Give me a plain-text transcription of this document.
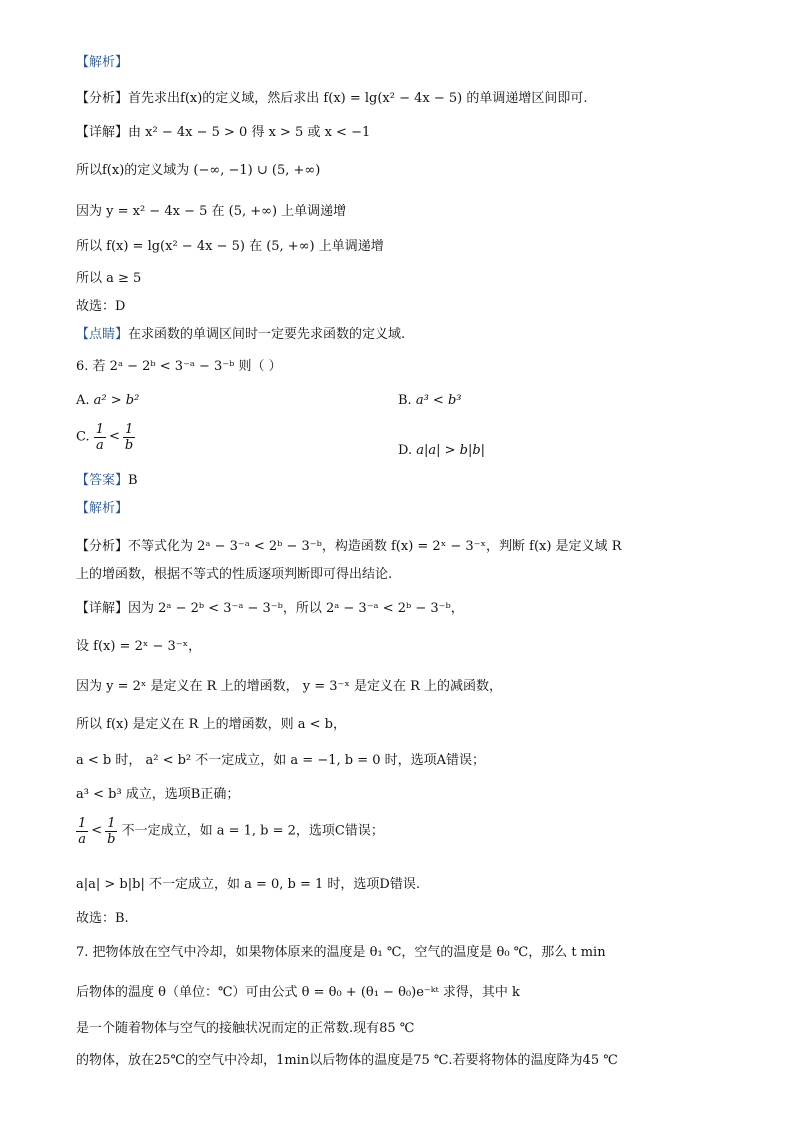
【解析】
【分析】首先求出f(x)的定义域，然后求出 f(x) = lg(x² − 4x − 5) 的单调递增区间即可.
【详解】由 x² − 4x − 5 > 0 得 x > 5 或 x < −1
所以f(x)的定义域为 (−∞, −1) ∪ (5, +∞)
因为 y = x² − 4x − 5 在 (5, +∞) 上单调递增
所以 f(x) = lg(x² − 4x − 5) 在 (5, +∞) 上单调递增
所以 a ≥ 5
故选：D
【点睛】在求函数的单调区间时一定要先求函数的定义域.
6. 若 2ᵃ − 2ᵇ < 3⁻ᵃ − 3⁻ᵇ 则（ ）
A. a² > b²	B. a³ < b³
C. $\frac{1}{a} < \frac{1}{b}$	D. a|a| > b|b|
【答案】B
【解析】
【分析】不等式化为 2ᵃ − 3⁻ᵃ < 2ᵇ − 3⁻ᵇ，构造函数 f(x) = 2ˣ − 3⁻ˣ，判断 f(x) 是定义域 R
上的增函数，根据不等式的性质逐项判断即可得出结论.
【详解】因为 2ᵃ − 2ᵇ < 3⁻ᵃ − 3⁻ᵇ，所以 2ᵃ − 3⁻ᵃ < 2ᵇ − 3⁻ᵇ，
设 f(x) = 2ˣ − 3⁻ˣ，
因为 y = 2ˣ 是定义在 R 上的增函数， y = 3⁻ˣ 是定义在 R 上的减函数，
所以 f(x) 是定义在 R 上的增函数，则 a < b，
a < b 时， a² < b² 不一定成立，如 a = −1, b = 0 时，选项A错误；
a³ < b³ 成立，选项B正确；
$\frac{1}{a} < \frac{1}{b}$ 不一定成立，如 a = 1, b = 2，选项C错误；
a|a| > b|b| 不一定成立，如 a = 0, b = 1 时，选项D错误.
故选：B.
7. 把物体放在空气中冷却，如果物体原来的温度是 θ₁ ℃，空气的温度是 θ₀ ℃，那么 t min
后物体的温度 θ（单位：℃）可由公式 θ = θ₀ + (θ₁ − θ₀)e⁻ᵏᵗ 求得，其中 k
是一个随着物体与空气的接触状况而定的正常数.现有85 ℃
的物体，放在25℃的空气中冷却，1min以后物体的温度是75 ℃.若要将物体的温度降为45 ℃
